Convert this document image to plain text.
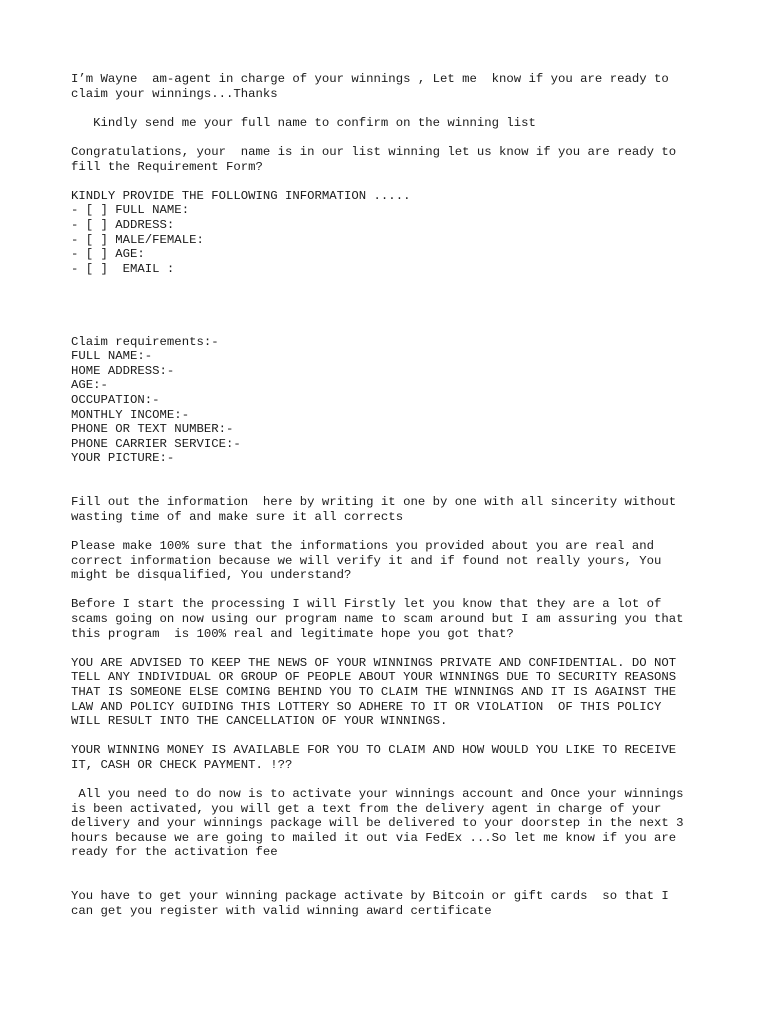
I’m Wayne  am-agent in charge of your winnings , Let me  know if you are ready to
claim your winnings...Thanks
Kindly send me your full name to confirm on the winning list
Congratulations, your  name is in our list winning let us know if you are ready to
fill the Requirement Form?
KINDLY PROVIDE THE FOLLOWING INFORMATION .....
- [ ] FULL NAME:
- [ ] ADDRESS:
- [ ] MALE/FEMALE:
- [ ] AGE:
- [ ]  EMAIL :
Claim requirements:-
FULL NAME:-
HOME ADDRESS:-
AGE:-
OCCUPATION:-
MONTHLY INCOME:-
PHONE OR TEXT NUMBER:-
PHONE CARRIER SERVICE:-
YOUR PICTURE:-
Fill out the information  here by writing it one by one with all sincerity without
wasting time of and make sure it all corrects
Please make 100% sure that the informations you provided about you are real and
correct information because we will verify it and if found not really yours, You
might be disqualified, You understand?
Before I start the processing I will Firstly let you know that they are a lot of
scams going on now using our program name to scam around but I am assuring you that
this program  is 100% real and legitimate hope you got that?
YOU ARE ADVISED TO KEEP THE NEWS OF YOUR WINNINGS PRIVATE AND CONFIDENTIAL. DO NOT
TELL ANY INDIVIDUAL OR GROUP OF PEOPLE ABOUT YOUR WINNINGS DUE TO SECURITY REASONS
THAT IS SOMEONE ELSE COMING BEHIND YOU TO CLAIM THE WINNINGS AND IT IS AGAINST THE
LAW AND POLICY GUIDING THIS LOTTERY SO ADHERE TO IT OR VIOLATION  OF THIS POLICY
WILL RESULT INTO THE CANCELLATION OF YOUR WINNINGS.
YOUR WINNING MONEY IS AVAILABLE FOR YOU TO CLAIM AND HOW WOULD YOU LIKE TO RECEIVE
IT, CASH OR CHECK PAYMENT. !??
All you need to do now is to activate your winnings account and Once your winnings
is been activated, you will get a text from the delivery agent in charge of your
delivery and your winnings package will be delivered to your doorstep in the next 3
hours because we are going to mailed it out via FedEx ...So let me know if you are
ready for the activation fee
You have to get your winning package activate by Bitcoin or gift cards  so that I
can get you register with valid winning award certificate
